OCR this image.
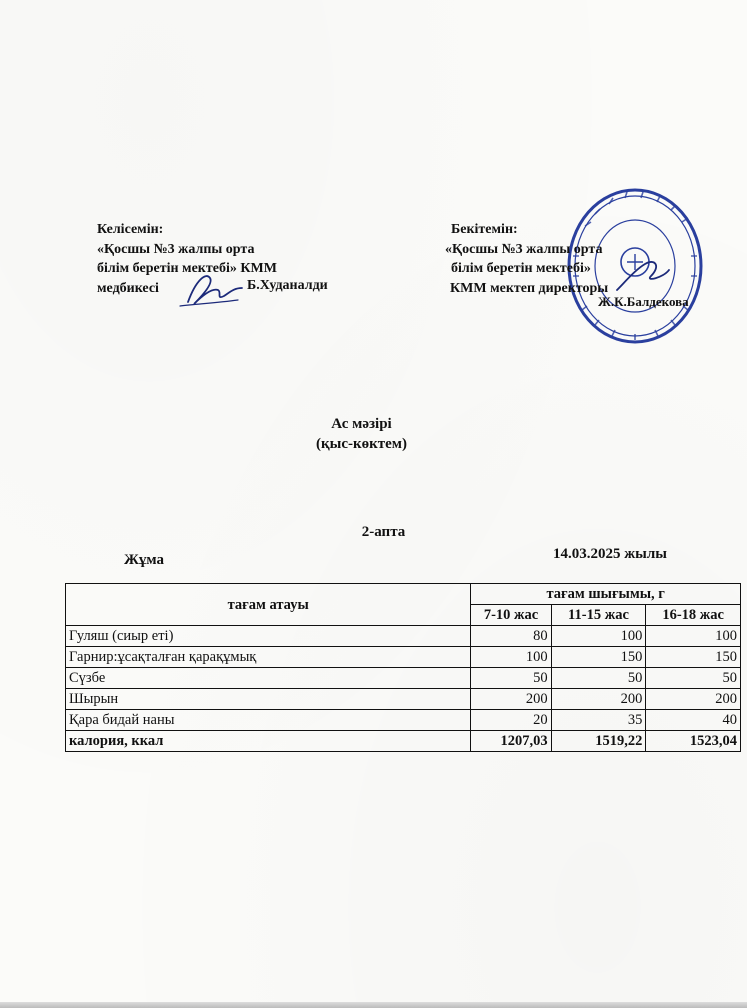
Келісемін:
«Қосшы №3 жалпы орта
білім беретін мектебі» КММ
медбикесі	Б.Худаналди
Бекітемін:
«Қосшы №3 жалпы орта
білім беретін мектебі»
КММ мектеп директоры
Ж.К.Балдекова
Ас мәзірі
(қыс-көктем)
2-апта
Жұма	14.03.2025 жылы
тағам атауы	тағам шығымы, г		
	7-10 жас	11-15 жас	16-18 жас
Гуляш (сиыр еті)	80	100	100
Гарнир:ұсақталған қарақұмық	100	150	150
Сүзбе	50	50	50
Шырын	200	200	200
Қара бидай наны	20	35	40
калория, ккал	1207,03	1519,22	1523,04
